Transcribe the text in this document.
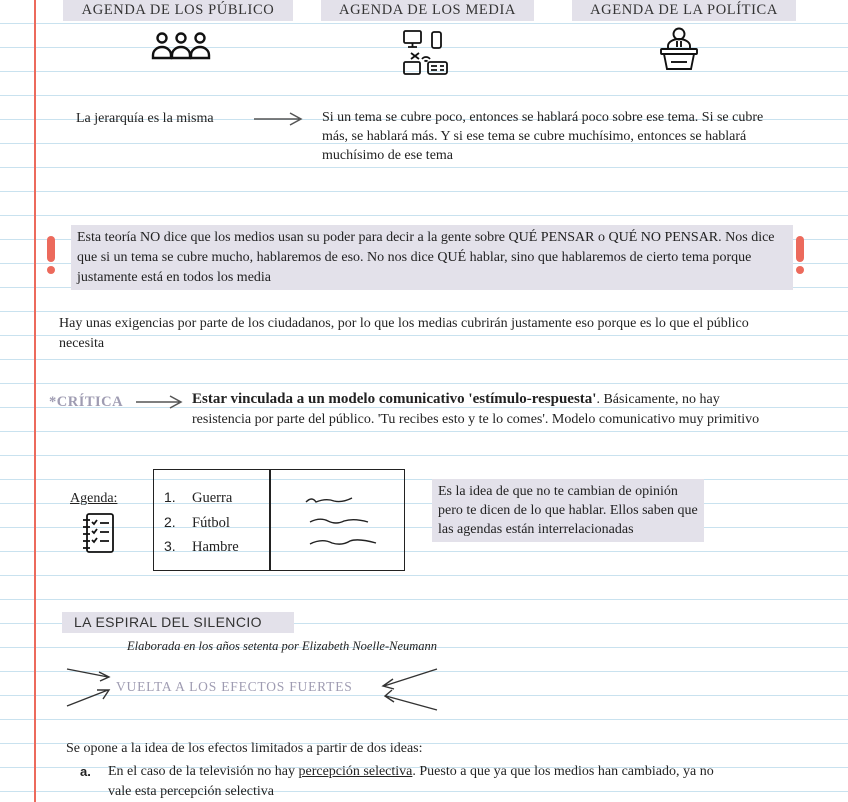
AGENDA DE LOS PÚBLICO	AGENDA DE LOS MEDIA	AGENDA DE LA POLÍTICA
La jerarquía es la misma	Si un tema se cubre poco, entonces se hablará poco sobre ese tema. Si se cubre más, se hablará más. Y si ese tema se cubre muchísimo, entonces se hablará muchísimo de ese tema
Esta teoría NO dice que los medios usan su poder para decir a la gente sobre QUÉ PENSAR o QUÉ NO PENSAR. Nos dice que si un tema se cubre mucho, hablaremos de eso. No nos dice QUÉ hablar, sino que hablaremos de cierto tema porque justamente está en todos los media
Hay unas exigencias por parte de los ciudadanos, por lo que los medias cubrirán justamente eso porque es lo que el público necesita
*CRÍTICA	Estar vinculada a un modelo comunicativo 'estímulo-respuesta'. Básicamente, no hay resistencia por parte del público. 'Tu recibes esto y te lo comes'. Modelo comunicativo muy primitivo
Agenda:	1. Guerra
2. Fútbol
3. Hambre
Es la idea de que no te cambian de opinión pero te dicen de lo que hablar. Ellos saben que las agendas están interrelacionadas
LA ESPIRAL DEL SILENCIO
Elaborada en los años setenta por Elizabeth Noelle-Neumann
VUELTA A LOS EFECTOS FUERTES
Se opone a la idea de los efectos limitados a partir de dos ideas:
a.	En el caso de la televisión no hay percepción selectiva. Puesto a que ya que los medios han cambiado, ya no vale esta percepción selectiva
